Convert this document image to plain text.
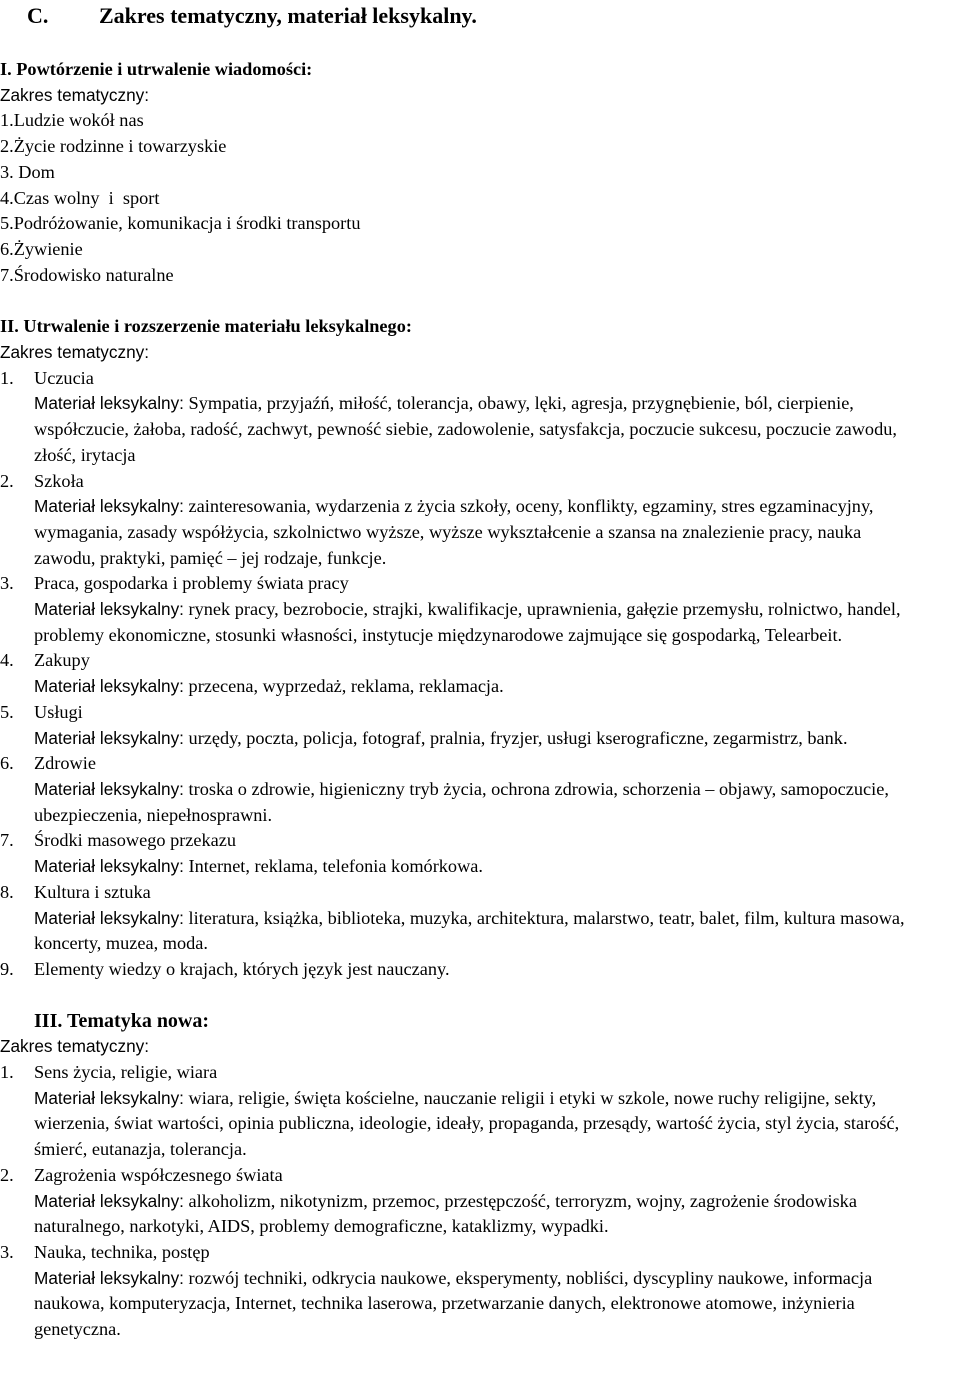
C. Zakres tematyczny, materiał leksykalny.
I. Powtórzenie i utrwalenie wiadomości:
Zakres tematyczny:
1.Ludzie wokół nas
2.Życie rodzinne i towarzyskie
3. Dom
4.Czas wolny  i  sport
5.Podróżowanie, komunikacja i środki transportu
6.Żywienie
7.Środowisko naturalne
II. Utrwalenie i rozszerzenie materiału leksykalnego:
Zakres tematyczny:
1.	Uczucia
Materiał leksykalny: Sympatia, przyjaźń, miłość, tolerancja, obawy, lęki, agresja, przygnębienie, ból, cierpienie, współczucie, żałoba, radość, zachwyt, pewność siebie, zadowolenie, satysfakcja, poczucie sukcesu, poczucie zawodu, złość, irytacja
2.	Szkoła
Materiał leksykalny: zainteresowania, wydarzenia z życia szkoły, oceny, konflikty, egzaminy, stres egzaminacyjny, wymagania, zasady współżycia, szkolnictwo wyższe, wyższe wykształcenie a szansa na znalezienie pracy, nauka zawodu, praktyki, pamięć – jej rodzaje, funkcje.
3.	Praca, gospodarka i problemy świata pracy
Materiał leksykalny: rynek pracy, bezrobocie, strajki, kwalifikacje, uprawnienia, gałęzie przemysłu, rolnictwo, handel, problemy ekonomiczne, stosunki własności, instytucje międzynarodowe zajmujące się gospodarką, Telearbeit.
4.	Zakupy
Materiał leksykalny: przecena, wyprzedaż, reklama, reklamacja.
5.	Usługi
Materiał leksykalny: urzędy, poczta, policja, fotograf, pralnia, fryzjer, usługi kserograficzne, zegarmistrz, bank.
6.	Zdrowie
Materiał leksykalny: troska o zdrowie, higieniczny tryb życia, ochrona zdrowia, schorzenia – objawy, samopoczucie, ubezpieczenia, niepełnosprawni.
7.	Środki masowego przekazu
Materiał leksykalny: Internet, reklama, telefonia komórkowa.
8.	Kultura i sztuka
Materiał leksykalny: literatura, książka, biblioteka, muzyka, architektura, malarstwo, teatr, balet, film, kultura masowa, koncerty, muzea, moda.
9.	Elementy wiedzy o krajach, których język jest nauczany.
III. Tematyka nowa:
Zakres tematyczny:
1.	Sens życia, religie, wiara
Materiał leksykalny: wiara, religie, święta kościelne, nauczanie religii i etyki w szkole, nowe ruchy religijne, sekty, wierzenia, świat wartości, opinia publiczna, ideologie, ideały, propaganda, przesądy, wartość życia, styl życia, starość, śmierć, eutanazja, tolerancja.
2.	Zagrożenia współczesnego świata
Materiał leksykalny: alkoholizm, nikotynizm, przemoc, przestępczość, terroryzm, wojny, zagrożenie środowiska naturalnego, narkotyki, AIDS, problemy demograficzne, kataklizmy, wypadki.
3.	Nauka, technika, postęp
Materiał leksykalny: rozwój techniki, odkrycia naukowe, eksperymenty, nobliści, dyscypliny naukowe, informacja naukowa, komputeryzacja, Internet, technika laserowa, przetwarzanie danych, elektronowe atomowe, inżynieria genetyczna.
